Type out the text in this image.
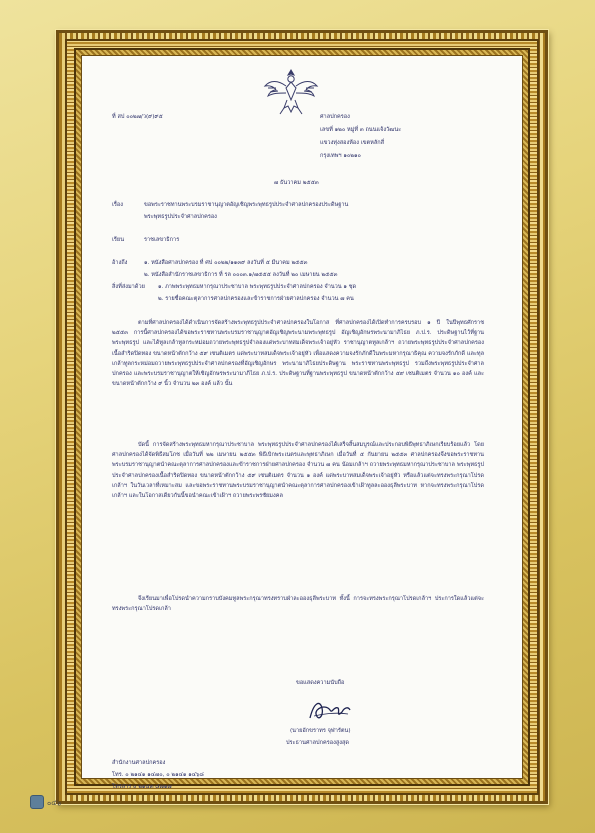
ที่ สป ๐๐๒๗/ว(๙)๙๕	ศาลปกครอง
เลขที่ ๑๒๐ หมู่ที่ ๓ ถนนแจ้งวัฒนะ
แขวงทุ่งสองห้อง เขตหลักสี่
กรุงเทพฯ ๑๐๒๑๐
๗ ธันวาคม ๒๕๕๓
เรื่อง	ขอพระราชทานพระบรมราชานุญาตอัญเชิญพระพุทธรูปประจำศาลปกครองประดิษฐาน
พระพุทธรูปประจำศาลปกครอง
เรียน	ราชเลขาธิการ
อ้างถึง	๑. หนังสือศาลปกครอง ที่ ศป ๐๐๒๒/๑๑๓๙ ลงวันที่ ๕ มีนาคม ๒๕๕๓
๒. หนังสือสำนักราชเลขาธิการ ที่ รล ๐๐๐๓.๑/๗๕๕๕ ลงวันที่ ๒๐ เมษายน ๒๕๕๓
สิ่งที่ส่งมาด้วย ๑. ภาพพระพุทธมหากรุณาประชาบาล พระพุทธรูปประจำศาลปกครอง จำนวน ๑ ชุด
๒. รายชื่อคณะตุลาการศาลปกครองและข้าราชการฝ่ายศาลปกครอง จำนวน ๗ คน
ตามที่ศาลปกครองได้ดำเนินการจัดสร้างพระพุทธรูปประจำศาลปกครองในโอกาส ที่ศาลปกครองได้เปิดทำการครบรอบ ๑ ปี ในปีพุทธศักราช ๒๕๕๓ การนี้ศาลปกครองได้ขอพระราชทานพระบรมราชานุญาตอัญเชิญพระนามพระพุทธรูป อัญเชิญอักษรพระนามาภิไธย ภ.ป.ร. ประดิษฐานไว้ที่ฐานพระพุทธรูป และได้ทูลเกล้าทูลกระหม่อมถวายพระพุทธรูปจำลองแด่พระบาทสมเด็จพระเจ้าอยู่หัว ราชานุญาตทูลเกล้าฯ ถวายพระพุทธรูปประจำศาลปกครอง เนื้อสำริดปิดทอง ขนาดหน้าตักกว้าง ๕๙ เซนติเมตร แด่พระบาทสมเด็จพระเจ้าอยู่หัว เพื่อแสดงความจงรักภักดีในพระมหากรุณาธิคุณ ความจงรักภักดี และทุลเกล้าทูลกระหม่อมถวายพระพุทธรูปประจำศาลปกครองที่อัญเชิญอักษร พระนามาภิไธยประดิษฐาน พระราชทานพระพุทธรูป รวมถึงพระพุทธรูปประจำศาลปกครอง และพระบรมราชานุญาตให้เชิญอักษรพระนามาภิไธย ภ.ป.ร. ประดิษฐานที่ฐานพระพุทธรูป ขนาดหน้าตักกว้าง ๕๙ เซนติเมตร จำนวน ๑๐ องค์ และขนาดหน้าตักกว้าง ๙ นิ้ว จำนวน ๒๓ องค์ แล้ว นั้น
บัดนี้ การจัดสร้างพระพุทธมหากรุณาประชาบาล พระพุทธรูปประจำศาลปกครองได้เสร็จสิ้นสมบูรณ์และประกอบพิธีพุทธาภิเษกเรียบร้อยแล้ว โดยศาลปกครองได้จัดพิธีสมโภช เมื่อวันที่ ๒๒ เมษายน ๒๕๕๓ พิธีเบิกพระเนตรและพุทธาภิเษก เมื่อวันที่ ๕ กันยายน ๒๕๕๓ ศาลปกครองจึงขอพระราชทานพระบรมราชานุญาตนำคณะตุลาการศาลปกครองและข้าราชการฝ่ายศาลปกครอง จำนวน ๗ คน น้อมเกล้าฯ ถวายพระพุทธมหากรุณาประชาบาล พระพุทธรูปประจำศาลปกครองเนื้อสำริดปิดทอง ขนาดหน้าตักกว้าง ๕๙ เซนติเมตร จำนวน ๑ องค์ แด่พระบาทสมเด็จพระเจ้าอยู่หัว หรือแล้วแต่จะทรงพระกรุณาโปรดเกล้าฯ ในวันเวลาที่เหมาะสม และขอพระราชทานพระบรมราชานุญาตนำคณะตุลาการศาลปกครองเข้าเฝ้าทูลละอองธุลีพระบาท หากจะทรงพระกรุณาโปรดเกล้าฯ และในโอกาสเดียวกันนี้ขอนำคณะเข้าเฝ้าฯ ถวายพระพรชัยมงคล
จึงเรียนมาเพื่อโปรดนำความกราบบังคมทูลพระกรุณาทรงทราบฝ่าละอองธุลีพระบาท ทั้งนี้ การจะทรงพระกรุณาโปรดเกล้าฯ ประการใดแล้วแต่จะทรงพระกรุณาโปรดเกล้า
ขอแสดงความนับถือ
(นายอักขราทร จุฬารัตน)
ประธานศาลปกครองสูงสุด
สำนักงานศาลปกครอง
โทร. ๐ ๒๑๔๑ ๑๔๗๐, ๐ ๒๑๔๑ ๑๔๖๘
โทรสาร ๐ ๒๑๔๓ ๘๗๑๗
๐๔๖
